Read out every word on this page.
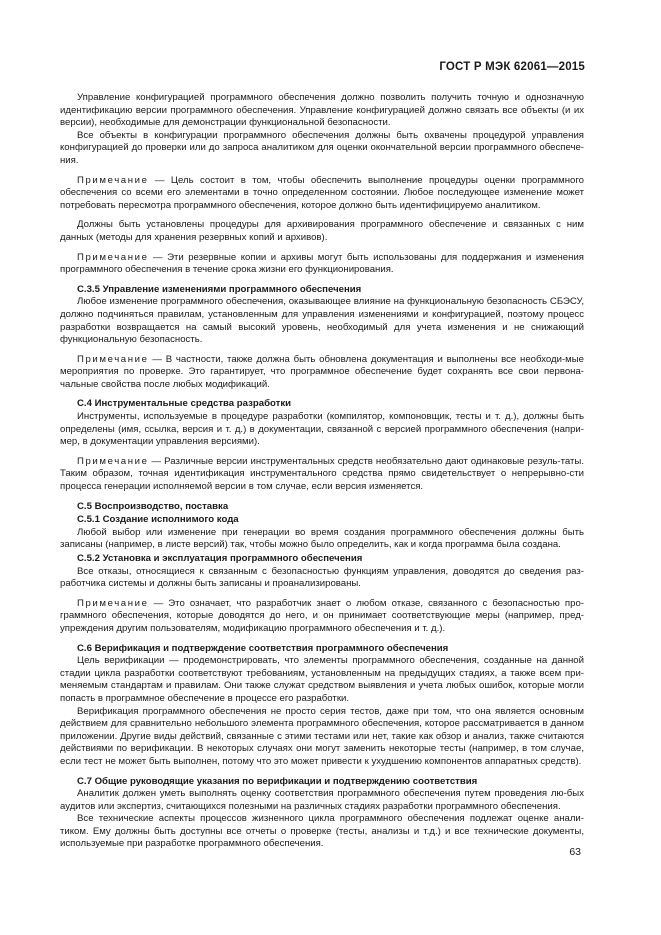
ГОСТ Р МЭК 62061—2015

Управление конфигурацией программного обеспечения должно позволить получить точную и однозначную идентификацию версии программного обеспечения. Управление конфигурацией должно связать все объекты (и их версии), необходимые для демонстрации функциональной безопасности.

Все объекты в конфигурации программного обеспечения должны быть охвачены процедурой управления конфигурацией до проверки или до запроса аналитиком для оценки окончательной версии программного обеспече-ния.

Примечание — Цель состоит в том, чтобы обеспечить выполнение процедуры оценки программного обеспечения со всеми его элементами в точно определенном состоянии. Любое последующее изменение может потребовать пересмотра программного обеспечения, которое должно быть идентифицируемо аналитиком.

Должны быть установлены процедуры для архивирования программного обеспечение и связанных с ним данных (методы для хранения резервных копий и архивов).

Примечание — Эти резервные копии и архивы могут быть использованы для поддержания и изменения программного обеспечения в течение срока жизни его функционирования.

С.3.5 Управление изменениями программного обеспечения

Любое изменение программного обеспечения, оказывающее влияние на функциональную безопасность СБЭСУ, должно подчиняться правилам, установленным для управления изменениями и конфигурацией, поэтому процесс разработки возвращается на самый высокий уровень, необходимый для учета изменения и не снижающий функциональную безопасность.

Примечание — В частности, также должна быть обновлена документация и выполнены все необходи-мые мероприятия по проверке. Это гарантирует, что программное обеспечение будет сохранять все свои первона-чальные свойства после любых модификаций.

С.4 Инструментальные средства разработки

Инструменты, используемые в процедуре разработки (компилятор, компоновщик, тесты и т. д.), должны быть определены (имя, ссылка, версия и т. д.) в документации, связанной с версией программного обеспечения (напри-мер, в документации управления версиями).

Примечание — Различные версии инструментальных средств необязательно дают одинаковые резуль-таты. Таким образом, точная идентификация инструментального средства прямо свидетельствует о непрерывно-сти процесса генерации исполняемой версии в том случае, если версия изменяется.

С.5 Воспроизводство, поставка

С.5.1 Создание исполнимого кода

Любой выбор или изменение при генерации во время создания программного обеспечения должны быть записаны (например, в листе версий) так, чтобы можно было определить, как и когда программа была создана.

С.5.2 Установка и эксплуатация программного обеспечения

Все отказы, относящиеся к связанным с безопасностью функциям управления, доводятся до сведения раз-работчика системы и должны быть записаны и проанализированы.

Примечание — Это означает, что разработчик знает о любом отказе, связанного с безопасностью про-граммного обеспечения, которые доводятся до него, и он принимает соответствующие меры (например, пред-упреждения другим пользователям, модификацию программного обеспечения и т. д.).

С.6 Верификация и подтверждение соответствия программного обеспечения

Цель верификации — продемонстрировать, что элементы программного обеспечения, созданные на данной стадии цикла разработки соответствуют требованиям, установленным на предыдущих стадиях, а также всем при-меняемым стандартам и правилам. Они также служат средством выявления и учета любых ошибок, которые могли попасть в программное обеспечение в процессе его разработки.

Верификация программного обеспечения не просто серия тестов, даже при том, что она является основным действием для сравнительно небольшого элемента программного обеспечения, которое рассматривается в данном приложении. Другие виды действий, связанные с этими тестами или нет, такие как обзор и анализ, также считаются действиями по верификации. В некоторых случаях они могут заменить некоторые тесты (например, в том случае, если тест не может быть выполнен, потому что это может привести к ухудшению компонентов аппаратных средств).

С.7 Общие руководящие указания по верификации и подтверждению соответствия

Аналитик должен уметь выполнять оценку соответствия программного обеспечения путем проведения лю-бых аудитов или экспертиз, считающихся полезными на различных стадиях разработки программного обеспечения.

Все технические аспекты процессов жизненного цикла программного обеспечения подлежат оценке анали-тиком. Ему должны быть доступны все отчеты о проверке (тесты, анализы и т.д.) и все технические документы, используемые при разработке программного обеспечения.

63
